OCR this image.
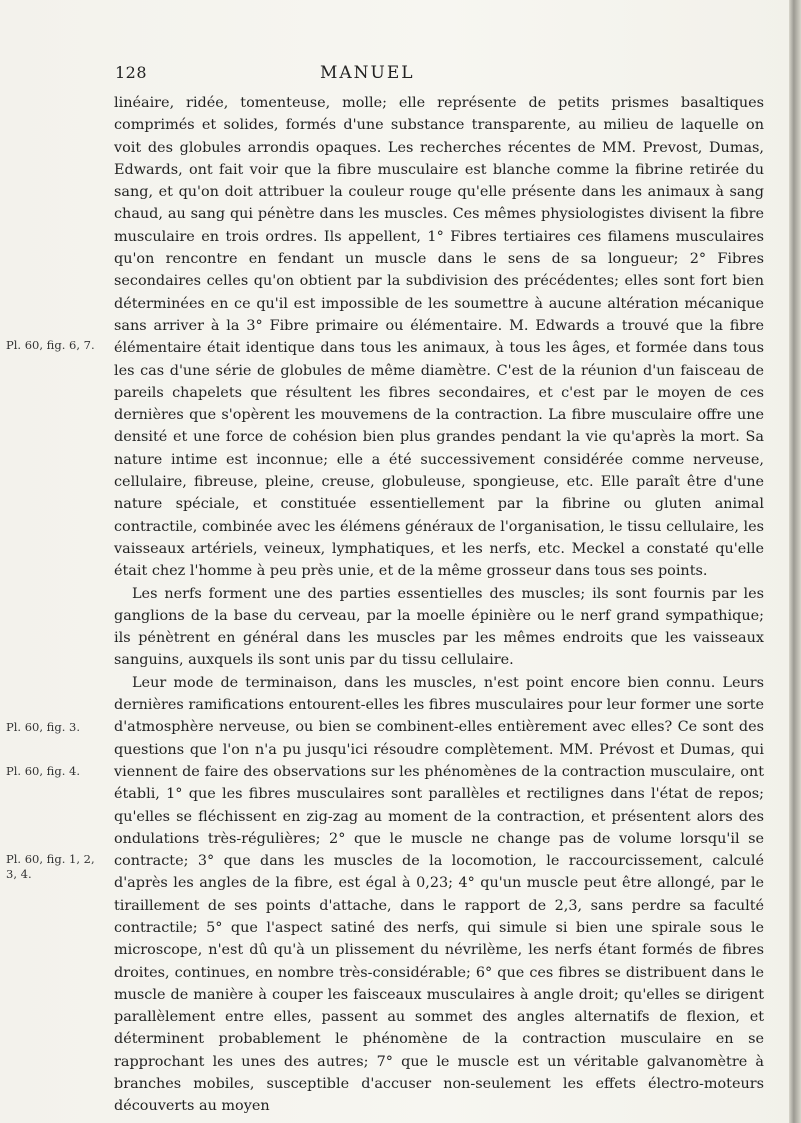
128	MANUEL

linéaire, ridée, tomenteuse, molle; elle représente de petits prismes basaltiques comprimés et solides, formés d'une substance transparente, au milieu de laquelle on voit des globules arrondis opaques. Les recherches récentes de MM. Prevost, Dumas, Edwards, ont fait voir que la fibre musculaire est blanche comme la fibrine retirée du sang, et qu'on doit attribuer la couleur rouge qu'elle présente dans les animaux à sang chaud, au sang qui pénètre dans les muscles. Ces mêmes physiologistes divisent la fibre musculaire en trois ordres. Ils appellent, 1° Fibres tertiaires ces filamens musculaires qu'on rencontre en fendant un muscle dans le sens de sa longueur; 2° Fibres secondaires celles qu'on obtient par la subdivision des précédentes; elles sont fort bien déterminées en ce qu'il est impossible de les soumettre à aucune altération mécanique sans arriver à la 3° Fibre primaire ou élémentaire. M. Edwards a trouvé que la fibre élémentaire était identique dans tous les animaux, à tous les âges, et formée dans tous les cas d'une série de globules de même diamètre. C'est de la réunion d'un faisceau de pareils chapelets que résultent les fibres secondaires, et c'est par le moyen de ces dernières que s'opèrent les mouvemens de la contraction. La fibre musculaire offre une densité et une force de cohésion bien plus grandes pendant la vie qu'après la mort. Sa nature intime est inconnue; elle a été successivement considérée comme nerveuse, cellulaire, fibreuse, pleine, creuse, globuleuse, spongieuse, etc. Elle paraît être d'une nature spéciale, et constituée essentiellement par la fibrine ou gluten animal contractile, combinée avec les élémens généraux de l'organisation, le tissu cellulaire, les vaisseaux artériels, veineux, lymphatiques, et les nerfs, etc. Meckel a constaté qu'elle était chez l'homme à peu près unie, et de la même grosseur dans tous ses points.

Les nerfs forment une des parties essentielles des muscles; ils sont fournis par les ganglions de la base du cerveau, par la moelle épinière ou le nerf grand sympathique; ils pénètrent en général dans les muscles par les mêmes endroits que les vaisseaux sanguins, auxquels ils sont unis par du tissu cellulaire.

Leur mode de terminaison, dans les muscles, n'est point encore bien connu. Leurs dernières ramifications entourent-elles les fibres musculaires pour leur former une sorte d'atmosphère nerveuse, ou bien se combinent-elles entièrement avec elles? Ce sont des questions que l'on n'a pu jusqu'ici résoudre complètement. MM. Prévost et Dumas, qui viennent de faire des observations sur les phénomènes de la contraction musculaire, ont établi, 1° que les fibres musculaires sont parallèles et rectilignes dans l'état de repos; qu'elles se fléchissent en zig-zag au moment de la contraction, et présentent alors des ondulations très-régulières; 2° que le muscle ne change pas de volume lorsqu'il se contracte; 3° que dans les muscles de la locomotion, le raccourcissement, calculé d'après les angles de la fibre, est égal à 0,23; 4° qu'un muscle peut être allongé, par le tiraillement de ses points d'attache, dans le rapport de 2,3, sans perdre sa faculté contractile; 5° que l'aspect satiné des nerfs, qui simule si bien une spirale sous le microscope, n'est dû qu'à un plissement du névrilème, les nerfs étant formés de fibres droites, continues, en nombre très-considérable; 6° que ces fibres se distribuent dans le muscle de manière à couper les faisceaux musculaires à angle droit; qu'elles se dirigent parallèlement entre elles, passent au sommet des angles alternatifs de flexion, et déterminent probablement le phénomène de la contraction musculaire en se rapprochant les unes des autres; 7° que le muscle est un véritable galvanomètre à branches mobiles, susceptible d'accuser non-seulement les effets électro-moteurs découverts au moyen

Pl. 60, fig. 6, 7.
Pl. 60, fig. 3.
Pl. 60, fig. 4.
Pl. 60, fig. 1, 2, 3, 4.
